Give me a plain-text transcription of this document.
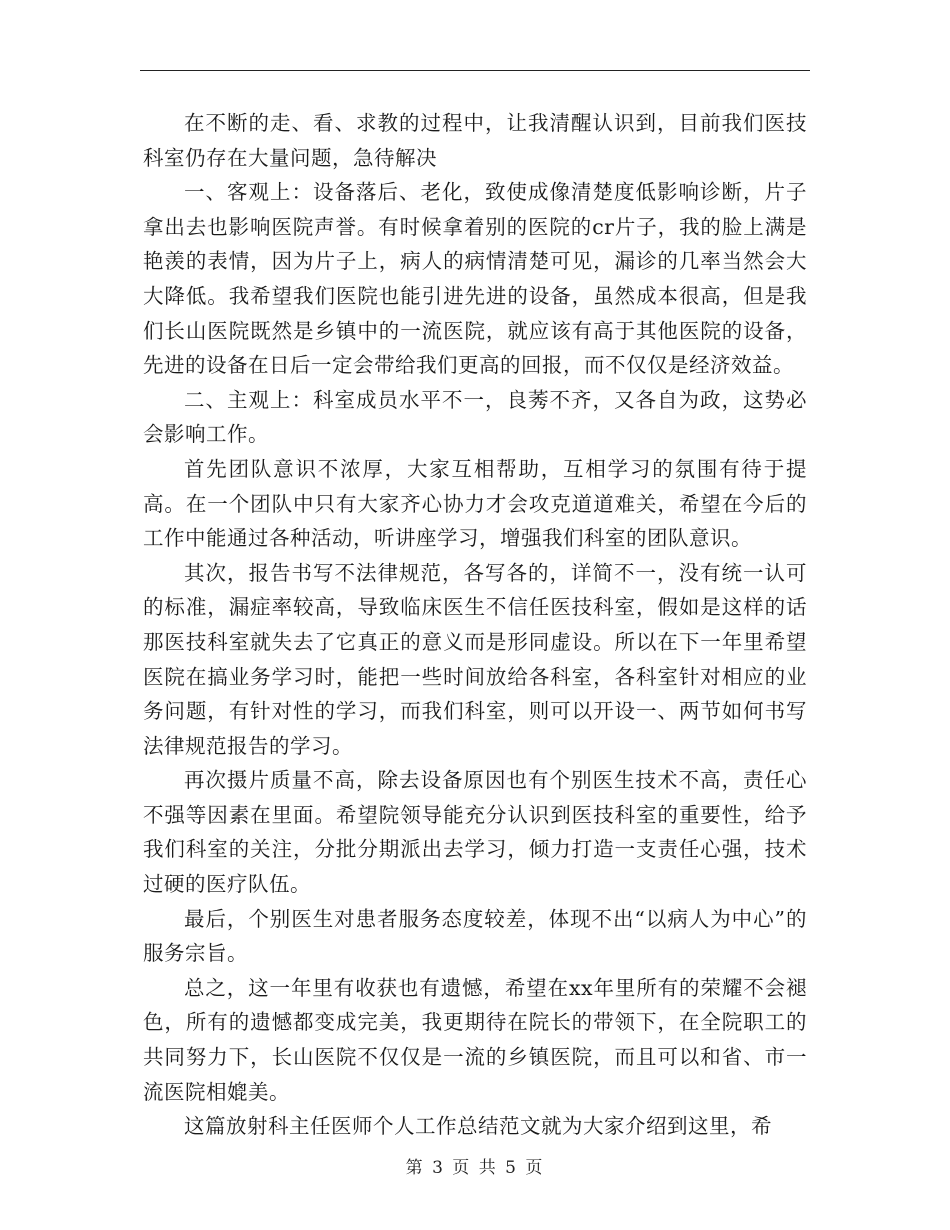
在不断的走、看、求教的过程中，让我清醒认识到，目前我们医技科室仍存在大量问题，急待解决

一、客观上：设备落后、老化，致使成像清楚度低影响诊断，片子拿出去也影响医院声誉。有时候拿着别的医院的cr片子，我的脸上满是艳羡的表情，因为片子上，病人的病情清楚可见，漏诊的几率当然会大大降低。我希望我们医院也能引进先进的设备，虽然成本很高，但是我们长山医院既然是乡镇中的一流医院，就应该有高于其他医院的设备，先进的设备在日后一定会带给我们更高的回报，而不仅仅是经济效益。

二、主观上：科室成员水平不一，良莠不齐，又各自为政，这势必会影响工作。

首先团队意识不浓厚，大家互相帮助，互相学习的氛围有待于提高。在一个团队中只有大家齐心协力才会攻克道道难关，希望在今后的工作中能通过各种活动，听讲座学习，增强我们科室的团队意识。

其次，报告书写不法律规范，各写各的，详简不一，没有统一认可的标准，漏症率较高，导致临床医生不信任医技科室，假如是这样的话那医技科室就失去了它真正的意义而是形同虚设。所以在下一年里希望医院在搞业务学习时，能把一些时间放给各科室，各科室针对相应的业务问题，有针对性的学习，而我们科室，则可以开设一、两节如何书写法律规范报告的学习。

再次摄片质量不高，除去设备原因也有个别医生技术不高，责任心不强等因素在里面。希望院领导能充分认识到医技科室的重要性，给予我们科室的关注，分批分期派出去学习，倾力打造一支责任心强，技术过硬的医疗队伍。

最后，个别医生对患者服务态度较差，体现不出“以病人为中心”的服务宗旨。

总之，这一年里有收获也有遗憾，希望在xx年里所有的荣耀不会褪色，所有的遗憾都变成完美，我更期待在院长的带领下，在全院职工的共同努力下，长山医院不仅仅是一流的乡镇医院，而且可以和省、市一流医院相媲美。

这篇放射科主任医师个人工作总结范文就为大家介绍到这里，希

第 3 页 共 5 页
